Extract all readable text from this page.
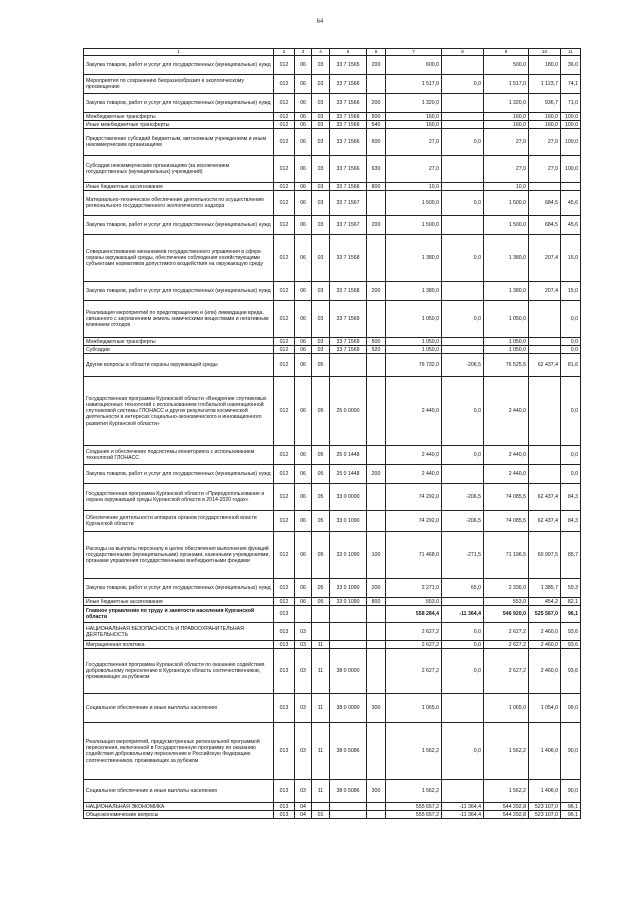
64
1	2	3	4	5	6	7	8	9	10	11
Закупка товаров, работ и услуг для государственных (муниципальных) нужд	012	06	03	33 7 1565	200	600,0		500,0	180,0	36,0
Мероприятия по сохранению биоразнообразия и экологическому просвещению	012	06	03	33 7 1566		1 517,0	0,0	1 517,0	1 123,7	74,1
Закупка товаров, работ и услуг для государственных (муниципальных) нужд	012	06	03	33 7 1566	200	1 320,0		1 320,0	936,7	71,0
Межбюджетные трансферты	012	06	03	33 7 1566	500	160,0		160,0	160,0	100,0
Иные межбюджетные трансферты	012	06	03	33 7 1566	540	160,0		160,0	160,0	100,0
Предоставление субсидий бюджетным, автономным учреждениям и иным некоммерческим организациям	012	06	03	33 7 1566	600	27,0	0,0	27,0	27,0	100,0
Субсидии некоммерческим организациям (за исключением государственных (муниципальных) учреждений)	012	06	03	33 7 1566	630	27,0		27,0	27,0	100,0
Иные бюджетные ассигнования	012	06	03	33 7 1566	800	10,0		10,0		
Материально-техническое обеспечение деятельности по осуществлению регионального государственного экологического надзора	012	06	03	33 7 1567		1 500,0	0,0	1 500,0	684,5	45,6
Закупка товаров, работ и услуг для государственных (муниципальных) нужд	012	06	03	33 7 1567	200	1 500,0		1 500,0	684,5	45,6
Совершенствование механизмов государственного управления в сфере охраны окружающей среды, обеспечение соблюдения хозяйствующими субъектами нормативов допустимого воздействия на окружающую среду	012	06	03	33 7 1568		1 380,0	0,0	1 380,0	207,4	15,0
Закупка товаров, работ и услуг для государственных (муниципальных) нужд	012	06	03	33 7 1568	200	1 380,0		1 380,0	207,4	15,0
Реализация мероприятий по предотвращению и (или) ликвидации вреда, связанного с загрязнением земель химическими веществами и негативным влиянием отходов	012	06	03	33 7 1569		1 050,0	0,0	1 050,0		0,0
Межбюджетные трансферты	012	06	03	33 7 1569	500	1 050,0		1 050,0		0,0
Субсидии	012	06	03	33 7 1569	520	1 050,0		1 050,0		0,0
Другие вопросы в области охраны окружающей среды	012	06	05			76 732,0	-206,5	76 525,5	62 437,4	81,6
Государственная программа Курганской области «Внедрение спутниковых навигационных технологий с использованием глобальной навигационной спутниковой системы ГЛОНАСС и других результатов космической деятельности в интересах социально-экономического и инновационного развития Курганской области»	012	06	05	25 0 0000		2 440,0	0,0	2 440,0		0,0
Создание и обеспечение подсистемы мониторинга с использованием технологий ГЛОНАСС	012	06	05	25 0 1448		2 440,0	0,0	2 440,0		0,0
Закупка товаров, работ и услуг для государственных (муниципальных) нужд	012	06	05	25 0 1448	200	2 440,0		2 440,0		0,0
Государственная программа Курганской области «Природопользование и охрана окружающей среды Курганской области в 2014-2020 годах»	012	06	05	33 0 0000		74 292,0	-206,5	74 085,5	62 437,4	84,3
Обеспечение деятельности аппарата органов государственной власти Курганской области	012	06	05	33 0 1090		74 292,0	-206,5	74 085,5	62 437,4	84,3
Расходы на выплаты персоналу в целях обеспечения выполнения функций государственными (муниципальными) органами, казенными учреждениями, органами управления государственными внебюджетными фондами	012	06	05	33 0 1090	100	71 468,0	-271,5	71 196,5	60 997,5	85,7
Закупка товаров, работ и услуг для государственных (муниципальных) нужд	012	06	05	33 0 1090	200	2 271,0	65,0	2 336,0	1 385,7	59,3
Иные бюджетные ассигнования	012	06	05	33 0 1090	800	553,0		553,0	454,2	82,1
Главное управление по труду и занятости населения Курганской области	013					558 284,4	-11 364,4	546 920,0	525 567,0	96,1
НАЦИОНАЛЬНАЯ БЕЗОПАСНОСТЬ И ПРАВООХРАНИТЕЛЬНАЯ ДЕЯТЕЛЬНОСТЬ	013	03				2 627,2	0,0	2 627,2	2 460,0	93,6
Миграционная политика	013	03	11			2 627,2	0,0	2 627,2	2 460,0	93,6
Государственная программа Курганской области по оказанию содействия добровольному переселению в Курганскую область соотечественников, проживающих за рубежом	013	03	11	38 0 0000		2 627,2	0,0	2 627,2	2 460,0	93,6
Социальное обеспечение и иные выплаты населению	013	03	11	38 0 0000	300	1 065,0		1 065,0	1 054,0	99,0
Реализация мероприятий, предусмотренных региональной программой переселения, включенной в Государственную программу по оказанию содействия добровольному переселению в Российскую Федерацию соотечественников, проживающих за рубежом	013	03	11	38 0 5086		1 562,2	0,0	1 562,2	1 406,0	90,0
Социальное обеспечение и иные выплаты населению	013	03	11	38 0 5086	300	1 562,2		1 562,2	1 406,0	90,0
НАЦИОНАЛЬНАЯ ЭКОНОМИКА	013	04				555 657,2	-11 364,4	544 292,8	523 107,0	96,1
Общеэкономические вопросы	013	04	01			555 657,2	-11 364,4	544 292,8	523 107,0	96,1
